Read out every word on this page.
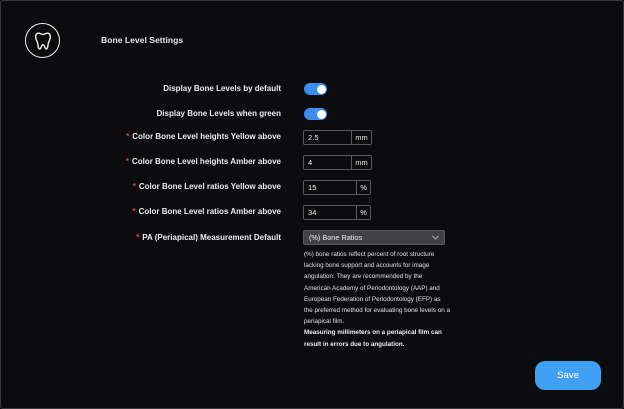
Bone Level Settings
Display Bone Levels by default
Display Bone Levels when green
* Color Bone Level heights Yellow above	2.5	mm
* Color Bone Level heights Amber above	4	mm
* Color Bone Level ratios Yellow above	15	%
* Color Bone Level ratios Amber above	34	%
* PA (Periapical) Measurement Default	(%) Bone Ratios
(%) bone ratios reflect percent of root structure lacking bone support and accounts for image angulation. They are recommended by the American Academy of Periodontology (AAP) and European Federation of Periodontology (EFP) as the preferred method for evaluating bone levels on a periapical film.
Measuring millimeters on a periapical film can result in errors due to angulation.
Save
